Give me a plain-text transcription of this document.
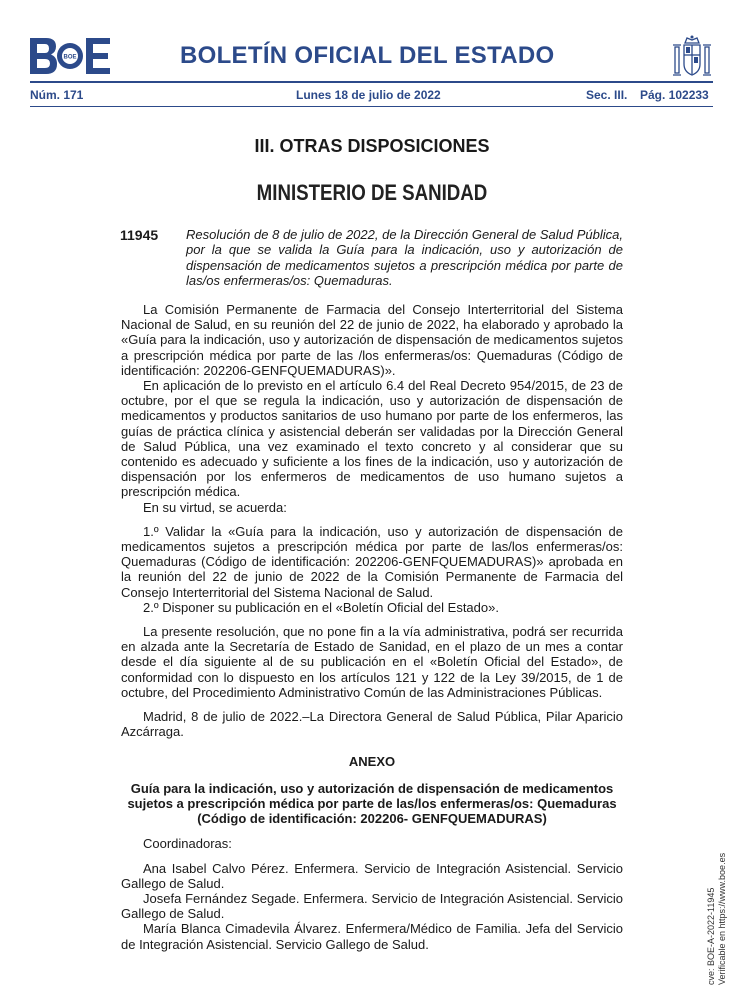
BOE	BOLETÍN OFICIAL DEL ESTADO
Núm. 171	Lunes 18 de julio de 2022	Sec. III. Pág. 102233
III. OTRAS DISPOSICIONES
MINISTERIO DE SANIDAD
11945 Resolución de 8 de julio de 2022, de la Dirección General de Salud Pública, por la que se valida la Guía para la indicación, uso y autorización de dispensación de medicamentos sujetos a prescripción médica por parte de las/os enfermeras/os: Quemaduras.

La Comisión Permanente de Farmacia del Consejo Interterritorial del Sistema Nacional de Salud, en su reunión del 22 de junio de 2022, ha elaborado y aprobado la «Guía para la indicación, uso y autorización de dispensación de medicamentos sujetos a prescripción médica por parte de las /los enfermeras/os: Quemaduras (Código de identificación: 202206-GENFQUEMADURAS)».

En aplicación de lo previsto en el artículo 6.4 del Real Decreto 954/2015, de 23 de octubre, por el que se regula la indicación, uso y autorización de dispensación de medicamentos y productos sanitarios de uso humano por parte de los enfermeros, las guías de práctica clínica y asistencial deberán ser validadas por la Dirección General de Salud Pública, una vez examinado el texto concreto y al considerar que su contenido es adecuado y suficiente a los fines de la indicación, uso y autorización de dispensación por los enfermeros de medicamentos de uso humano sujetos a prescripción médica.

En su virtud, se acuerda:

1.º Validar la «Guía para la indicación, uso y autorización de dispensación de medicamentos sujetos a prescripción médica por parte de las/los enfermeras/os: Quemaduras (Código de identificación: 202206-GENFQUEMADURAS)» aprobada en la reunión del 22 de junio de 2022 de la Comisión Permanente de Farmacia del Consejo Interterritorial del Sistema Nacional de Salud.

2.º Disponer su publicación en el «Boletín Oficial del Estado».

La presente resolución, que no pone fin a la vía administrativa, podrá ser recurrida en alzada ante la Secretaría de Estado de Sanidad, en el plazo de un mes a contar desde el día siguiente al de su publicación en el «Boletín Oficial del Estado», de conformidad con lo dispuesto en los artículos 121 y 122 de la Ley 39/2015, de 1 de octubre, del Procedimiento Administrativo Común de las Administraciones Públicas.

Madrid, 8 de julio de 2022.–La Directora General de Salud Pública, Pilar Aparicio Azcárraga.

ANEXO
Guía para la indicación, uso y autorización de dispensación de medicamentos sujetos a prescripción médica por parte de las/los enfermeras/os: Quemaduras (Código de identificación: 202206- GENFQUEMADURAS)

Coordinadoras:

Ana Isabel Calvo Pérez. Enfermera. Servicio de Integración Asistencial. Servicio Gallego de Salud.

Josefa Fernández Segade. Enfermera. Servicio de Integración Asistencial. Servicio Gallego de Salud.

María Blanca Cimadevila Álvarez. Enfermera/Médico de Familia. Jefa del Servicio de Integración Asistencial. Servicio Gallego de Salud.	cve: BOE-A-2022-11945 Verificable en https://www.boe.es
